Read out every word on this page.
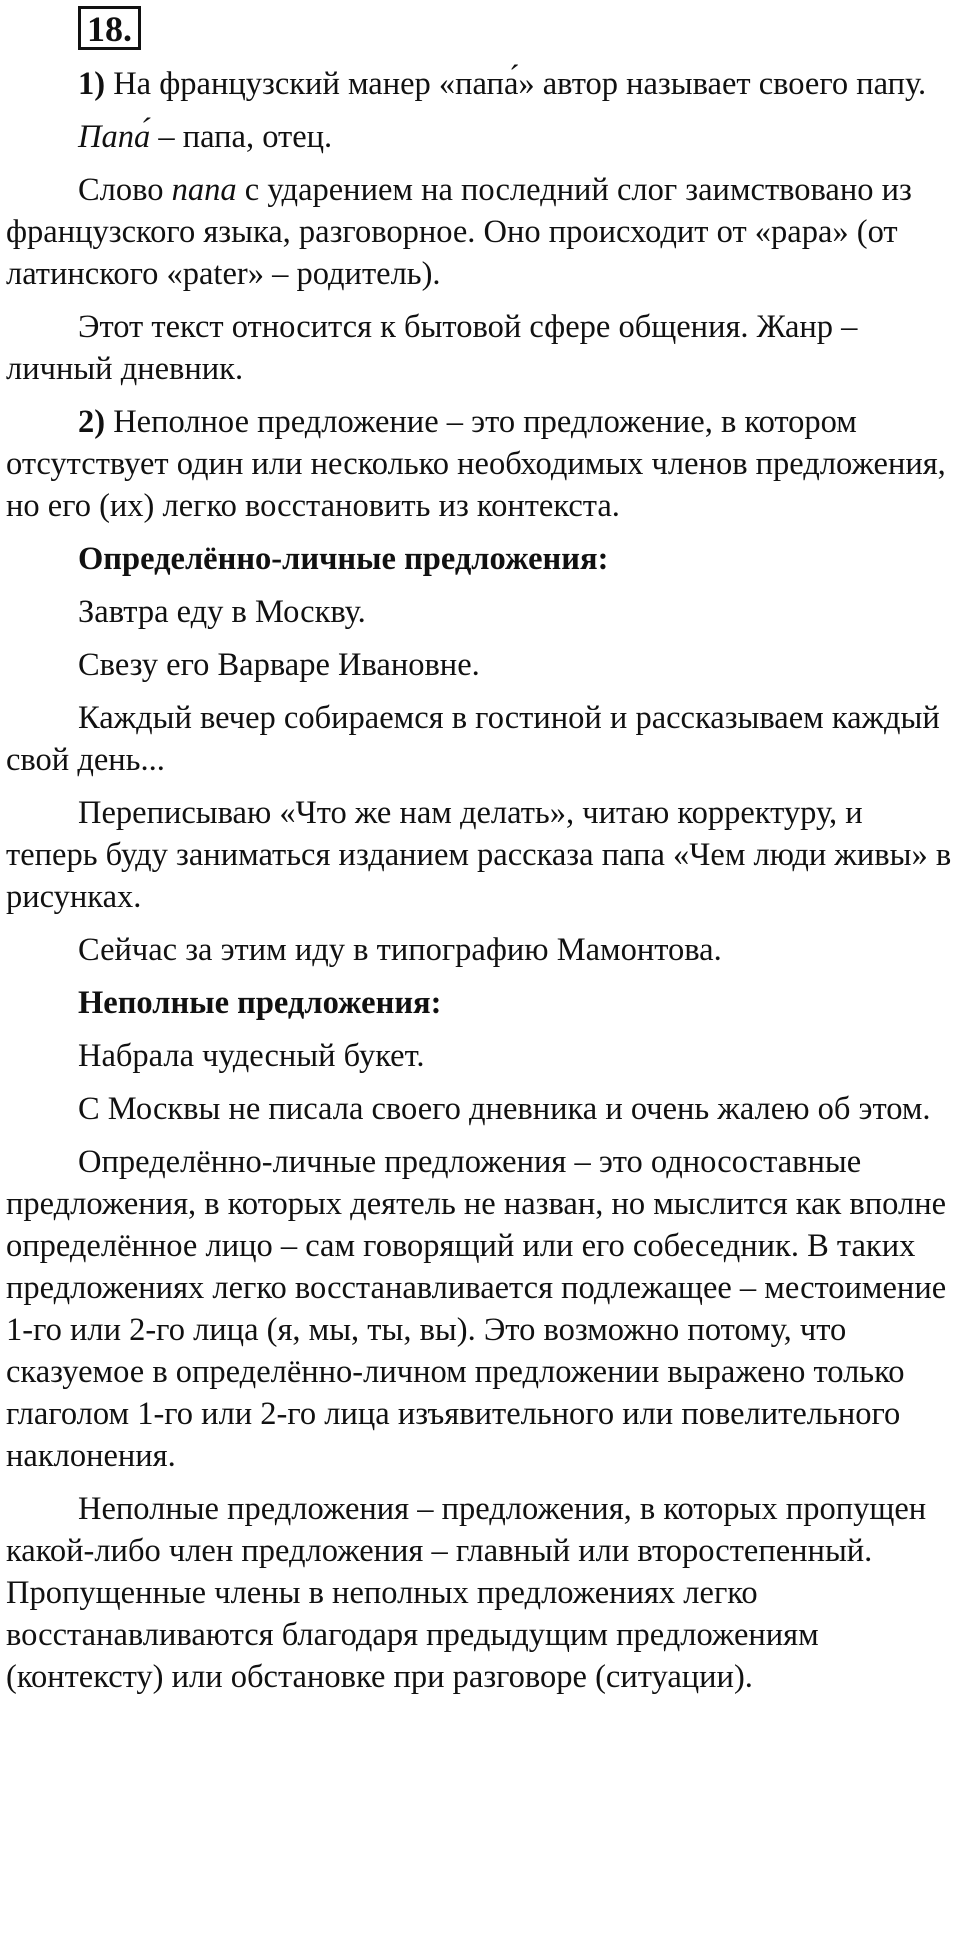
18.

1) На французский манер «папа́» автор называет своего папу.

Папа́ – папа, отец.

Слово папа с ударением на последний слог заимствовано из французского языка, разговорное. Оно происходит от «papa» (от латинского «pater» – родитель).

Этот текст относится к бытовой сфере общения. Жанр – личный дневник.

2) Неполное предложение – это предложение, в котором отсутствует один или несколько необходимых членов предложения, но его (их) легко восстановить из контекста.

Определённо-личные предложения:

Завтра еду в Москву.

Свезу его Варваре Ивановне.

Каждый вечер собираемся в гостиной и рассказываем каждый свой день...

Переписываю «Что же нам делать», читаю корректуру, и теперь буду заниматься изданием рассказа папа «Чем люди живы» в рисунках.

Сейчас за этим иду в типографию Мамонтова.

Неполные предложения:

Набрала чудесный букет.

С Москвы не писала своего дневника и очень жалею об этом.

Определённо-личные предложения – это односоставные предложения, в которых деятель не назван, но мыслится как вполне определённое лицо – сам говорящий или его собеседник. В таких предложениях легко восстанавливается подлежащее – местоимение 1-го или 2-го лица (я, мы, ты, вы). Это возможно потому, что сказуемое в определённо-личном предложении выражено только глаголом 1-го или 2-го лица изъявительного или повелительного наклонения.

Неполные предложения – предложения, в которых пропущен какой-либо член предложения – главный или второстепенный. Пропущенные члены в неполных предложениях легко восстанавливаются благодаря предыдущим предложениям (контексту) или обстановке при разговоре (ситуации).
